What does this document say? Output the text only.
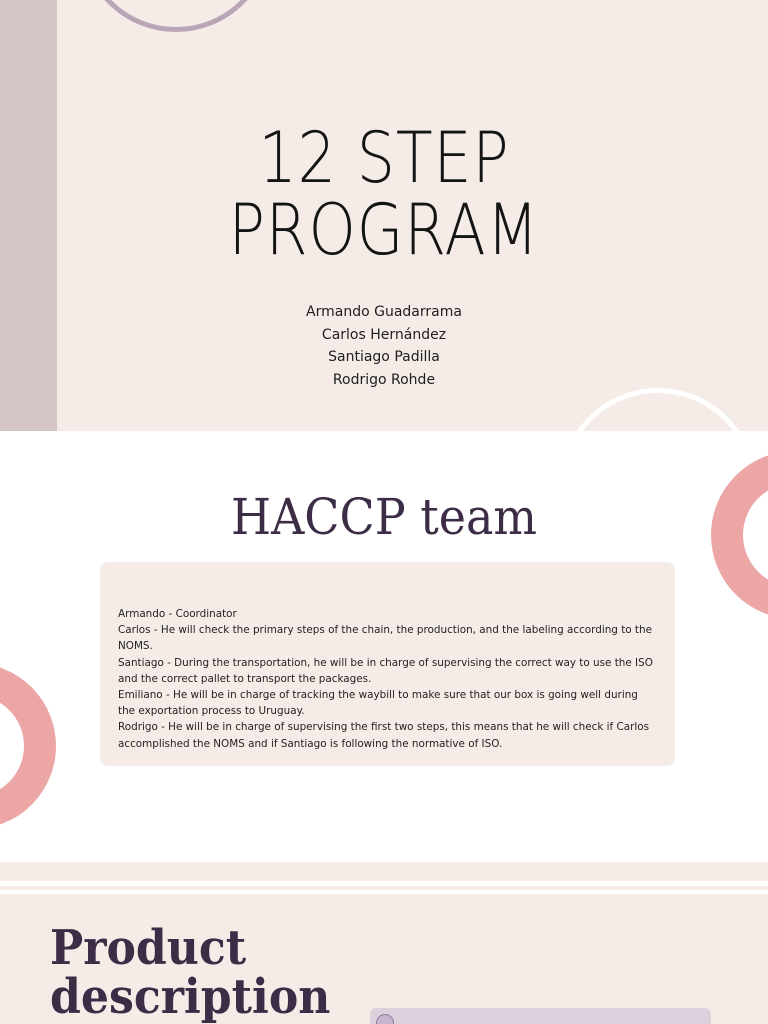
12 STEP
PROGRAM
Armando Guadarrama
Carlos Hernández
Santiago Padilla
Rodrigo Rohde
HACCP team
Armando - Coordinator
Carlos - He will check the primary steps of the chain, the production, and the labeling according to the NOMS.
Santiago - During the transportation, he will be in charge of supervising the correct way to use the ISO and the correct pallet to transport the packages.
Emiliano - He will be in charge of tracking the waybill to make sure that our box is going well during the exportation process to Uruguay.
Rodrigo - He will be in charge of supervising the first two steps, this means that he will check if Carlos accomplished the NOMS and if Santiago is following the normative of ISO.
Product
description
